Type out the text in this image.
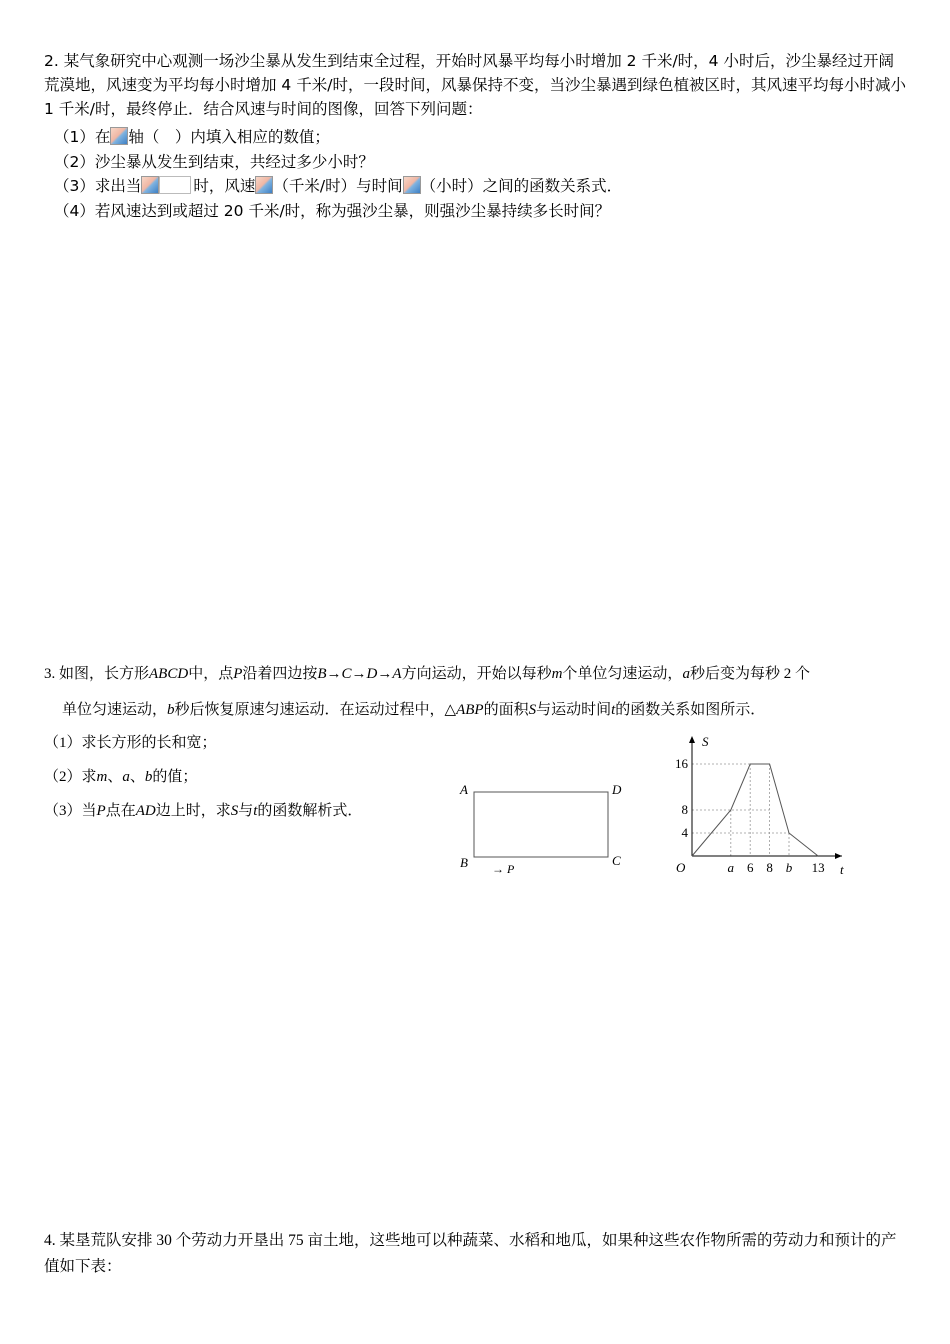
2. 某气象研究中心观测一场沙尘暴从发生到结束全过程，开始时风暴平均每小时增加 2 千米/时，4 小时后，沙尘暴经过开阔荒漠地，风速变为平均每小时增加 4 千米/时，一段时间，风暴保持不变，当沙尘暴遇到绿色植被区时，其风速平均每小时减小 1 千米/时，最终停止．结合风速与时间的图像，回答下列问题：
（1）在 轴（　）内填入相应的数值；
（2）沙尘暴从发生到结束，共经过多少小时？
（3）求出当	时，风速 （千米/时）与时间 （小时）之间的函数关系式．
（4）若风速达到或超过 20 千米/时，称为强沙尘暴，则强沙尘暴持续多长时间？
3. 如图，长方形ABCD中，点P沿着四边按B→C→D→A方向运动，开始以每秒m个单位匀速运动，a秒后变为每秒 2 个
单位匀速运动，b秒后恢复原速匀速运动．在运动过程中，△ABP的面积S与运动时间t的函数关系如图所示．
（1）求长方形的长和宽；
（2）求m、a、b的值；
（3）当P点在AD边上时，求S与t的函数解析式．
A	D
B	C
→ P
S
t
O
16
8
4
a 6 8 b 13
4. 某垦荒队安排 30 个劳动力开垦出 75 亩土地，这些地可以种蔬菜、水稻和地瓜，如果种这些农作物所需的劳动力和预计的产值如下表：
